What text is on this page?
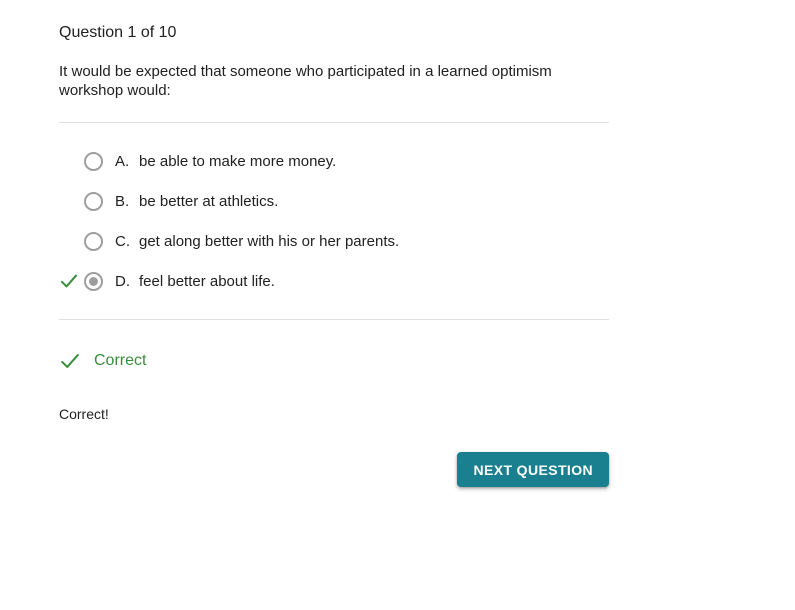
Question 1 of 10
It would be expected that someone who participated in a learned optimism workshop would:
A. be able to make more money.
B. be better at athletics.
C. get along better with his or her parents.
D. feel better about life.
Correct
Correct!
NEXT QUESTION
